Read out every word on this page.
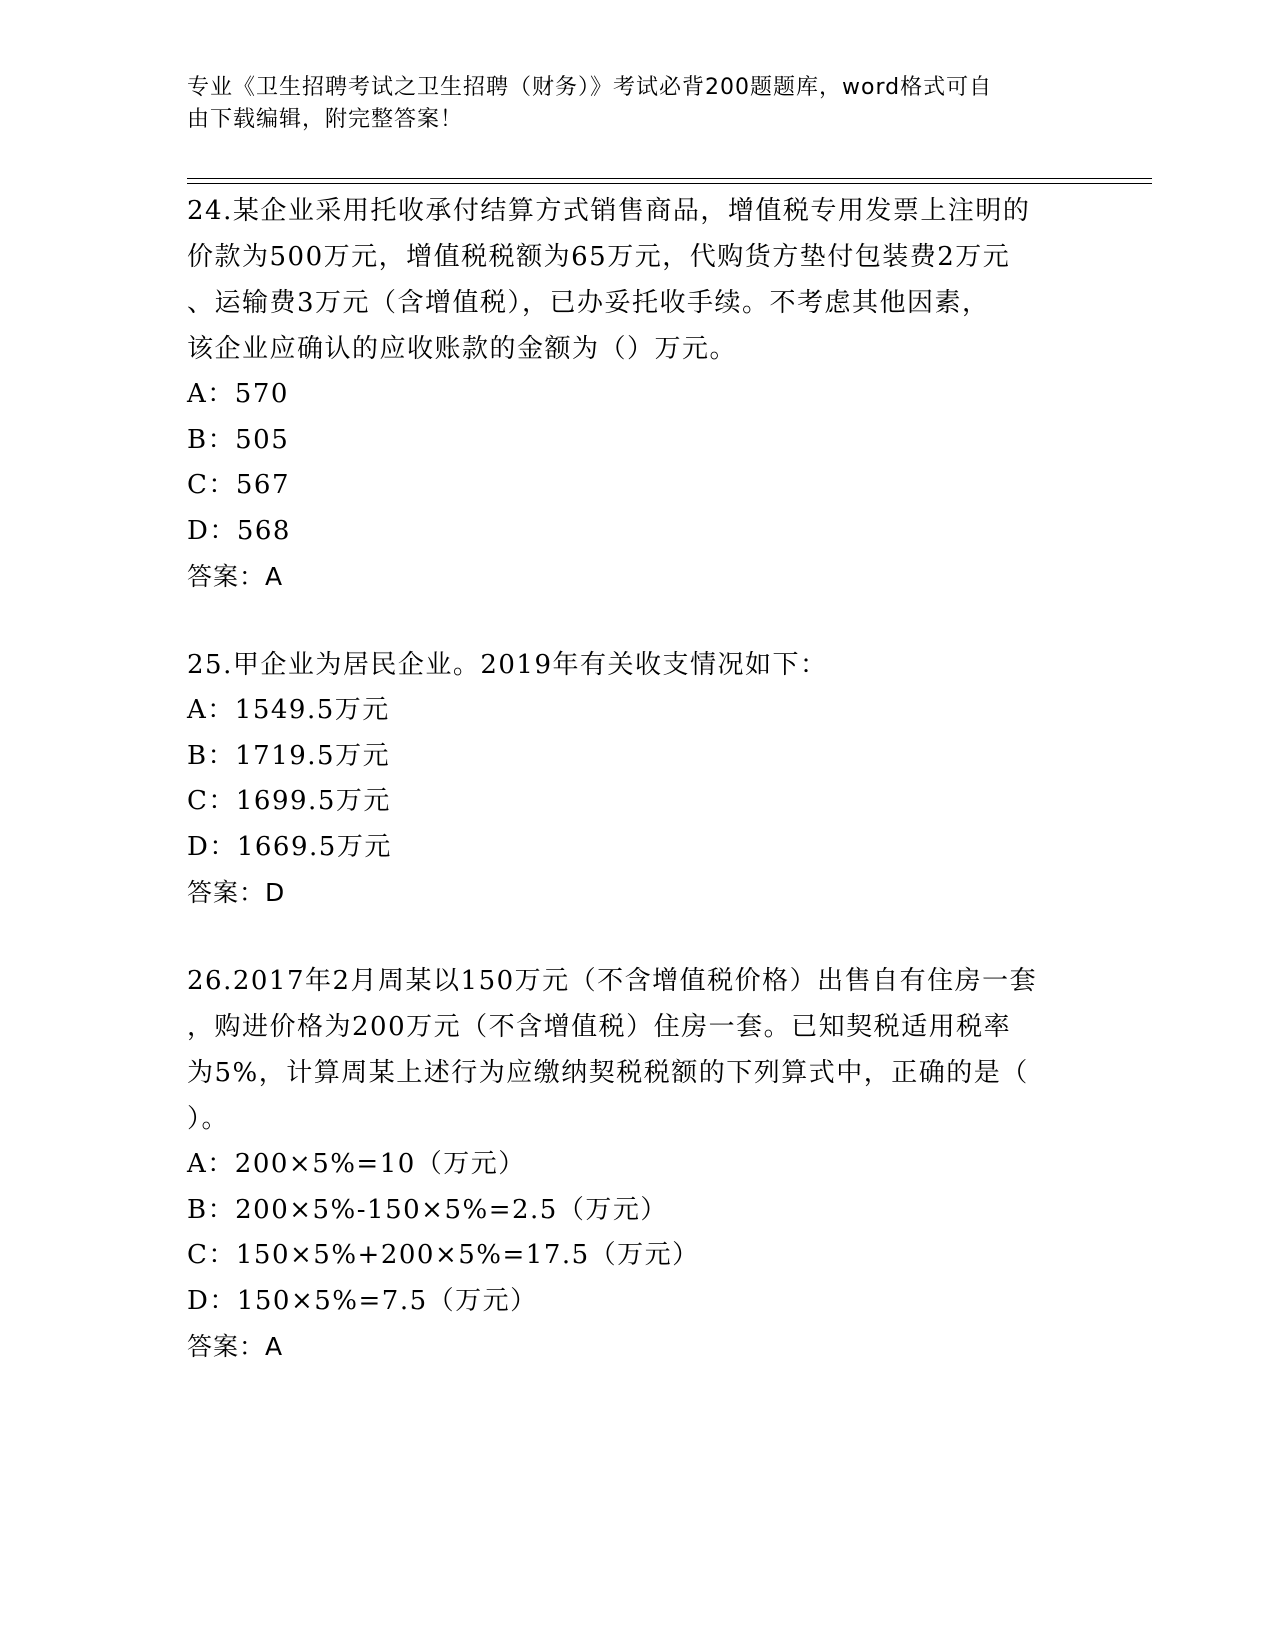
专业《卫生招聘考试之卫生招聘（财务）》考试必背200题题库，word格式可自
由下载编辑，附完整答案！
24.某企业采用托收承付结算方式销售商品，增值税专用发票上注明的
价款为500万元，增值税税额为65万元，代购货方垫付包装费2万元
、运输费3万元（含增值税），已办妥托收手续。不考虑其他因素，
该企业应确认的应收账款的金额为（）万元。
A：570
B：505
C：567
D：568
答案：A
25.甲企业为居民企业。2019年有关收支情况如下：
A：1549.5万元
B：1719.5万元
C：1699.5万元
D：1669.5万元
答案：D
26.2017年2月周某以150万元（不含增值税价格）出售自有住房一套
，购进价格为200万元（不含增值税）住房一套。已知契税适用税率
为5%，计算周某上述行为应缴纳契税税额的下列算式中，正确的是（
）。
A：200×5%=10（万元）
B：200×5%-150×5%=2.5（万元）
C：150×5%+200×5%=17.5（万元）
D：150×5%=7.5（万元）
答案：A
